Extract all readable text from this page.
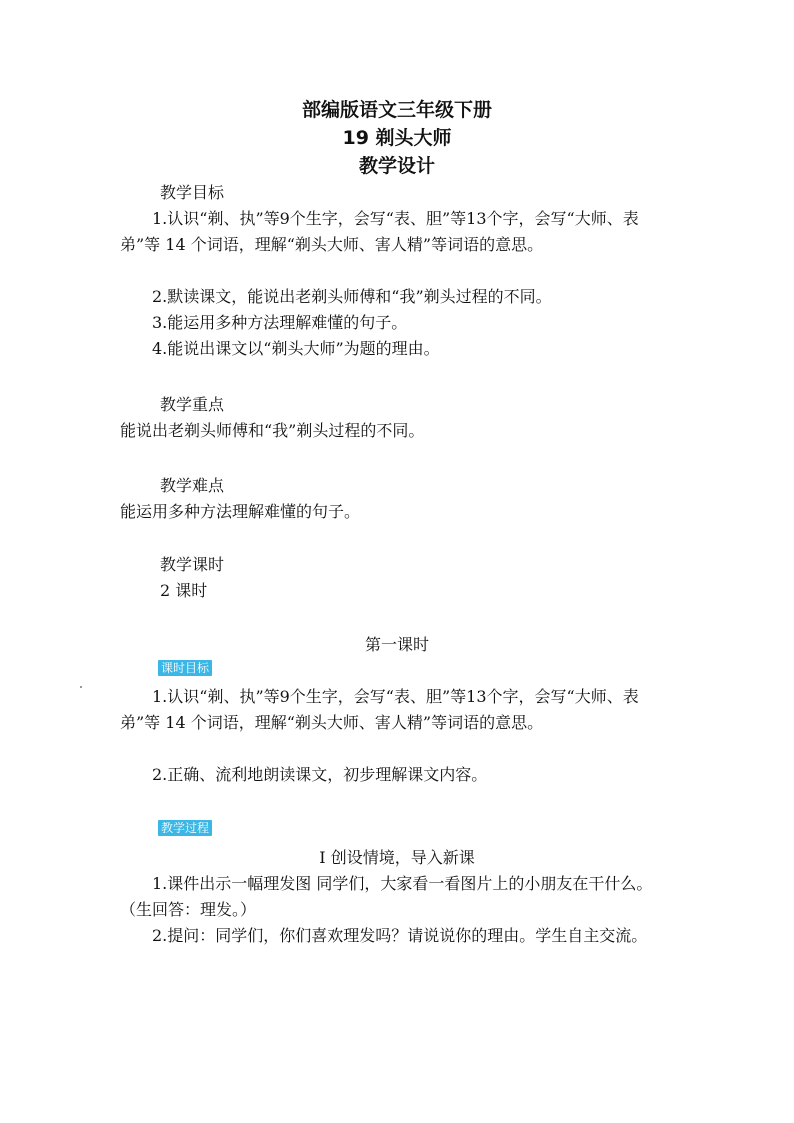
部编版语文三年级下册

19 剃头大师

教学设计

教学目标

1.认识“剃、执”等9个生字，会写“表、胆”等13个字，会写“大师、表弟”等 14 个词语，理解“剃头大师、害人精”等词语的意思。

2.默读课文，能说出老剃头师傅和“我”剃头过程的不同。

3.能运用多种方法理解难懂的句子。

4.能说出课文以“剃头大师”为题的理由。

教学重点

能说出老剃头师傅和“我”剃头过程的不同。

教学难点

能运用多种方法理解难懂的句子。

教学课时

2 课时

第一课时

课时目标

1.认识“剃、执”等9个生字，会写“表、胆”等13个字，会写“大师、表弟”等 14 个词语，理解“剃头大师、害人精”等词语的意思。

2.正确、流利地朗读课文，初步理解课文内容。

教学过程

Ⅰ 创设情境，导入新课

1.课件出示一幅理发图 同学们，大家看一看图片上的小朋友在干什么。（生回答：理发。）

2.提问：同学们，你们喜欢理发吗？请说说你的理由。学生自主交流。
